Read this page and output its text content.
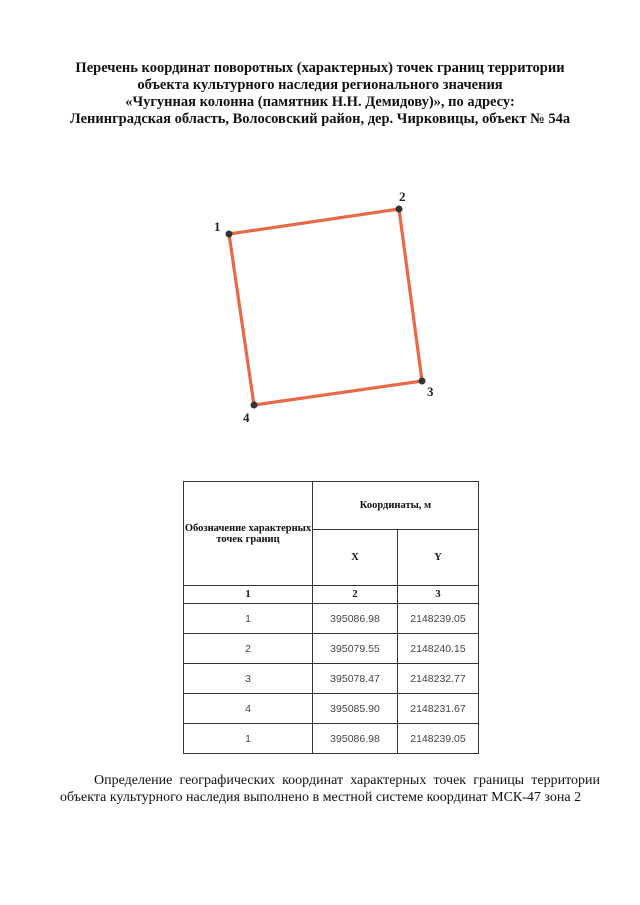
Перечень координат поворотных (характерных) точек границ территории
объекта культурного наследия регионального значения
«Чугунная колонна (памятник Н.Н. Демидову)», по адресу:
Ленинградская область, Волосовский район, дер. Чирковицы, объект № 54а
1
2
3
4
Обозначение характерных точек границ	Координаты, м	
	X	Y
1	2	3
1	395086.98	2148239.05
2	395079.55	2148240.15
3	395078.47	2148232.77
4	395085.90	2148231.67
1	395086.98	2148239.05
Определение географических координат характерных точек границы территории объекта культурного наследия выполнено в местной системе координат МСК-47 зона 2
